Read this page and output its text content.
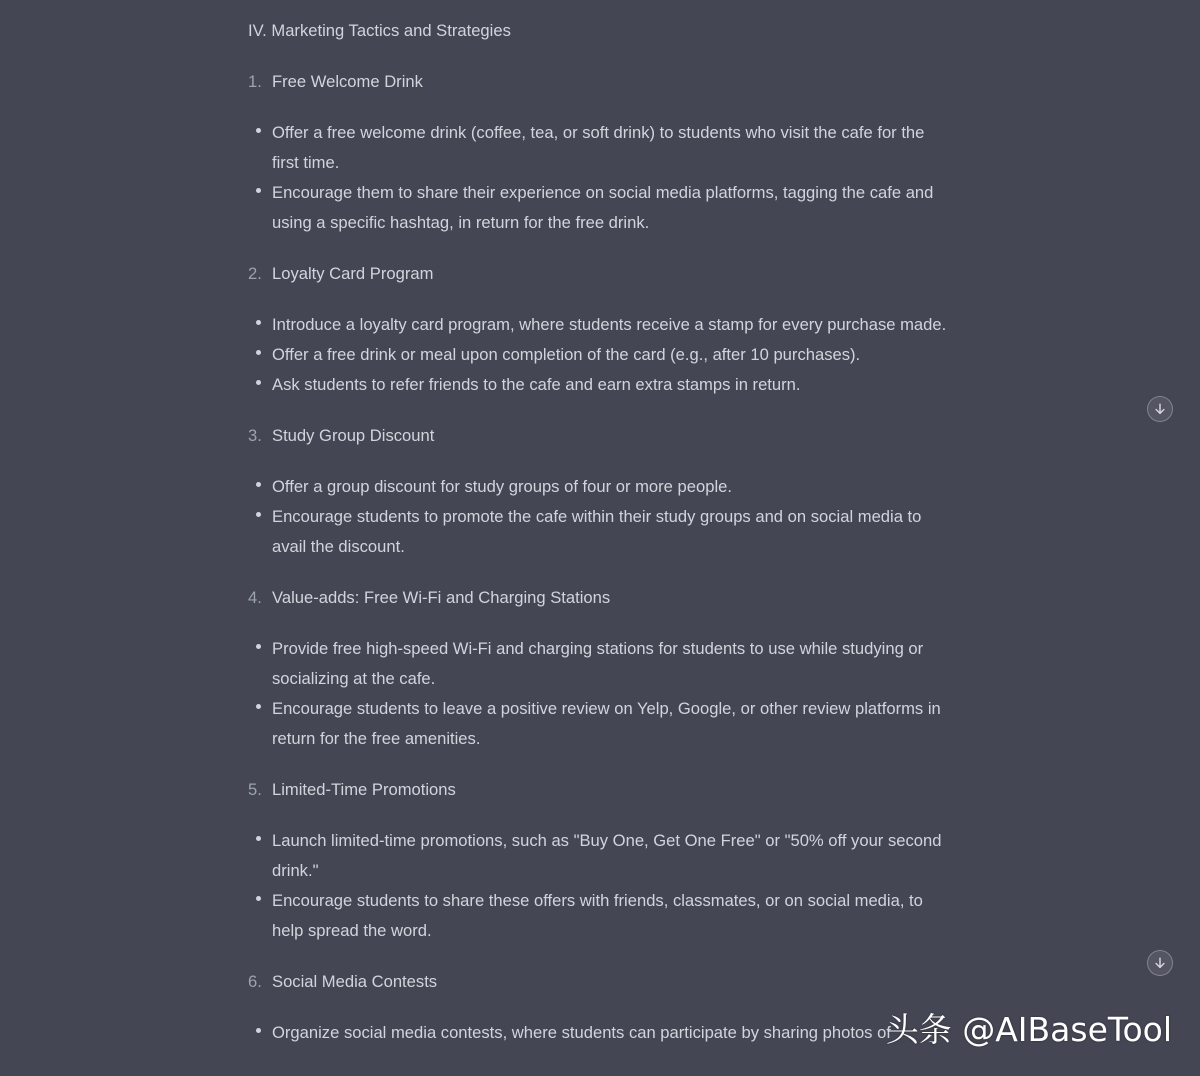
IV. Marketing Tactics and Strategies
1. Free Welcome Drink
Offer a free welcome drink (coffee, tea, or soft drink) to students who visit the cafe for the first time.
Encourage them to share their experience on social media platforms, tagging the cafe and using a specific hashtag, in return for the free drink.
2. Loyalty Card Program
Introduce a loyalty card program, where students receive a stamp for every purchase made.
Offer a free drink or meal upon completion of the card (e.g., after 10 purchases).
Ask students to refer friends to the cafe and earn extra stamps in return.
3. Study Group Discount
Offer a group discount for study groups of four or more people.
Encourage students to promote the cafe within their study groups and on social media to avail the discount.
4. Value-adds: Free Wi-Fi and Charging Stations
Provide free high-speed Wi-Fi and charging stations for students to use while studying or socializing at the cafe.
Encourage students to leave a positive review on Yelp, Google, or other review platforms in return for the free amenities.
5. Limited-Time Promotions
Launch limited-time promotions, such as "Buy One, Get One Free" or "50% off your second drink."
Encourage students to share these offers with friends, classmates, or on social media, to help spread the word.
6. Social Media Contests
Organize social media contests, where students can participate by sharing photos of
头条 @AIBaseTool
